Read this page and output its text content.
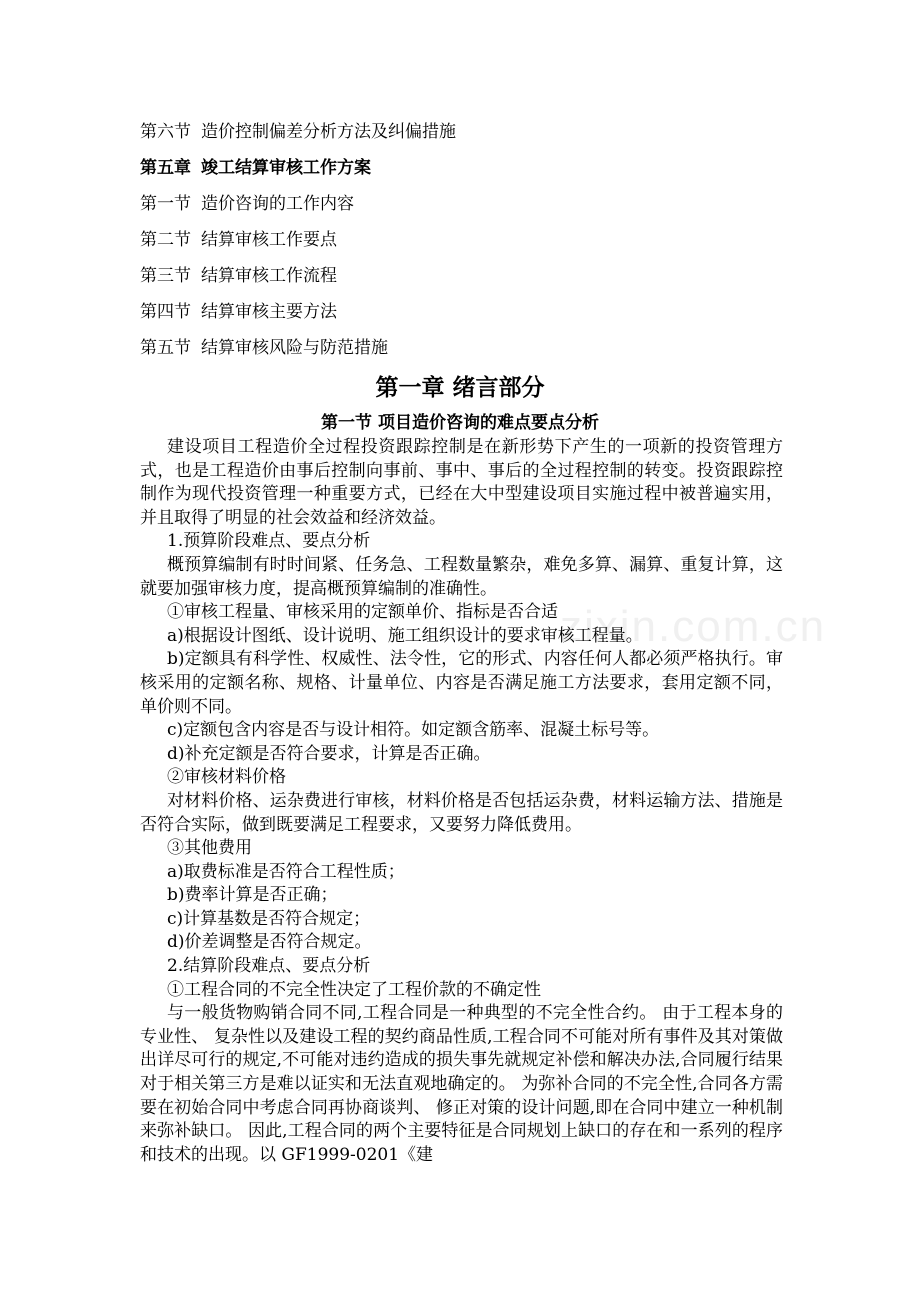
第六节 造价控制偏差分析方法及纠偏措施
第五章 竣工结算审核工作方案
第一节 造价咨询的工作内容
第二节 结算审核工作要点
第三节 结算审核工作流程
第四节 结算审核主要方法
第五节 结算审核风险与防范措施
zixin.com.cn
第一章 绪言部分
第一节 项目造价咨询的难点要点分析

建设项目工程造价全过程投资跟踪控制是在新形势下产生的一项新的投资管理方式，也是工程造价由事后控制向事前、事中、事后的全过程控制的转变。投资跟踪控制作为现代投资管理一种重要方式，已经在大中型建设项目实施过程中被普遍实用，并且取得了明显的社会效益和经济效益。

1.预算阶段难点、要点分析

概预算编制有时时间紧、任务急、工程数量繁杂，难免多算、漏算、重复计算，这就要加强审核力度，提高概预算编制的准确性。

①审核工程量、审核采用的定额单价、指标是否合适

a)根据设计图纸、设计说明、施工组织设计的要求审核工程量。

b)定额具有科学性、权威性、法令性，它的形式、内容任何人都必须严格执行。审核采用的定额名称、规格、计量单位、内容是否满足施工方法要求，套用定额不同，单价则不同。

c)定额包含内容是否与设计相符。如定额含筋率、混凝土标号等。

d)补充定额是否符合要求，计算是否正确。

②审核材料价格

对材料价格、运杂费进行审核，材料价格是否包括运杂费，材料运输方法、措施是否符合实际，做到既要满足工程要求，又要努力降低费用。

③其他费用

a)取费标准是否符合工程性质；

b)费率计算是否正确；

c)计算基数是否符合规定；

d)价差调整是否符合规定。

2.结算阶段难点、要点分析

①工程合同的不完全性决定了工程价款的不确定性

与一般货物购销合同不同,工程合同是一种典型的不完全性合约。 由于工程本身的专业性、 复杂性以及建设工程的契约商品性质,工程合同不可能对所有事件及其对策做出详尽可行的规定,不可能对违约造成的损失事先就规定补偿和解决办法,合同履行结果对于相关第三方是难以证实和无法直观地确定的。 为弥补合同的不完全性,合同各方需要在初始合同中考虑合同再协商谈判、 修正对策的设计问题,即在合同中建立一种机制来弥补缺口。 因此,工程合同的两个主要特征是合同规划上缺口的存在和一系列的程序和技术的出现。以 GF1999-0201《建
